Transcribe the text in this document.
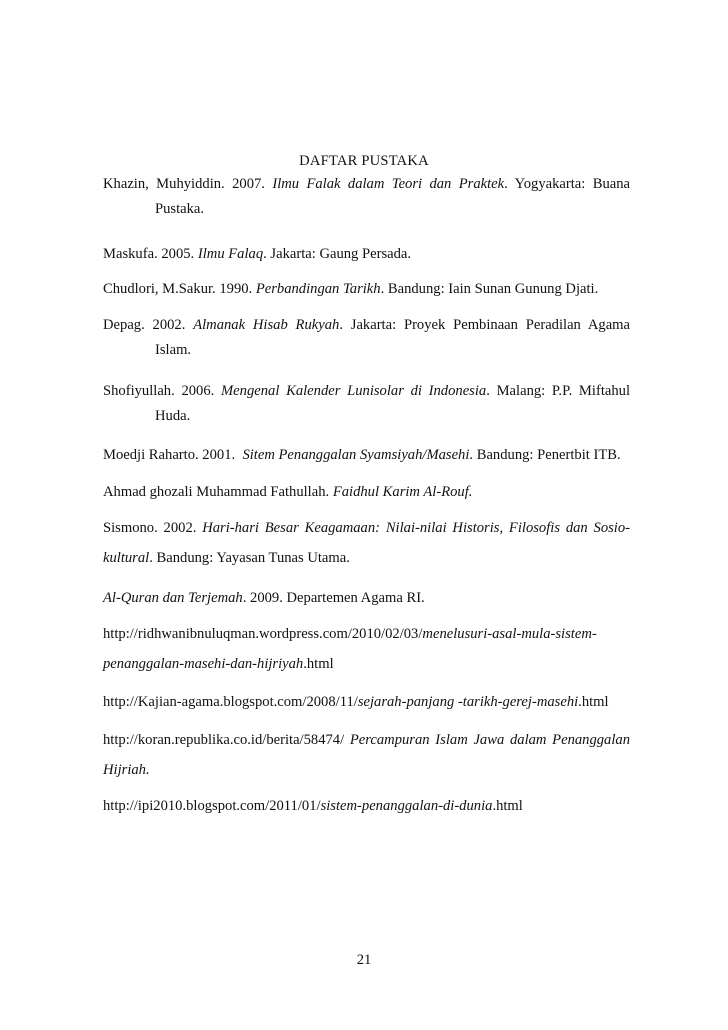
DAFTAR PUSTAKA
Khazin, Muhyiddin. 2007. Ilmu Falak dalam Teori dan Praktek. Yogyakarta: Buana
Pustaka.
Maskufa. 2005. Ilmu Falaq. Jakarta: Gaung Persada.
Chudlori, M.Sakur. 1990. Perbandingan Tarikh. Bandung: Iain Sunan Gunung Djati.
Depag. 2002. Almanak Hisab Rukyah. Jakarta: Proyek Pembinaan Peradilan Agama
Islam.
Shofiyullah. 2006. Mengenal Kalender Lunisolar di Indonesia. Malang: P.P. Miftahul
Huda.
Moedji Raharto. 2001.  Sitem Penanggalan Syamsiyah/Masehi. Bandung: Penertbit ITB.
Ahmad ghozali Muhammad Fathullah. Faidhul Karim Al-Rouf.
Sismono. 2002. Hari-hari Besar Keagamaan: Nilai-nilai Historis, Filosofis dan Sosio-
kultural. Bandung: Yayasan Tunas Utama.
Al-Quran dan Terjemah. 2009. Departemen Agama RI.
http://ridhwanibnuluqman.wordpress.com/2010/02/03/menelusuri-asal-mula-sistem-
penanggalan-masehi-dan-hijriyah.html
http://Kajian-agama.blogspot.com/2008/11/sejarah-panjang -tarikh-gerej-masehi.html
http://koran.republika.co.id/berita/58474/ Percampuran Islam Jawa dalam Penanggalan
Hijriah.
http://ipi2010.blogspot.com/2011/01/sistem-penanggalan-di-dunia.html
21
